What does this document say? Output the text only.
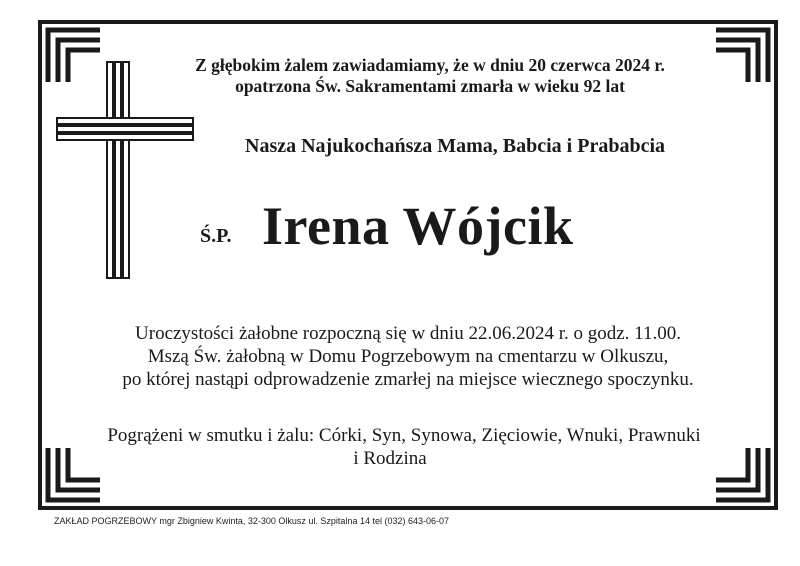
Z głębokim żalem zawiadamiamy, że w dniu 20 czerwca 2024 r.
opatrzona Św. Sakramentami zmarła w wieku 92 lat
Nasza Najukochańsza Mama, Babcia i Prababcia
Ś.P. Irena Wójcik
Uroczystości żałobne rozpoczną się w dniu 22.06.2024 r. o godz. 11.00.
Mszą Św. żałobną w Domu Pogrzebowym na cmentarzu w Olkuszu,
po której nastąpi odprowadzenie zmarłej na miejsce wiecznego spoczynku.
Pogrążeni w smutku i żalu: Córki, Syn, Synowa, Zięciowie, Wnuki, Prawnuki
i Rodzina
ZAKŁAD POGRZEBOWY mgr Zbigniew Kwinta, 32-300 Olkusz ul. Szpitalna 14 tel (032) 643-06-07
